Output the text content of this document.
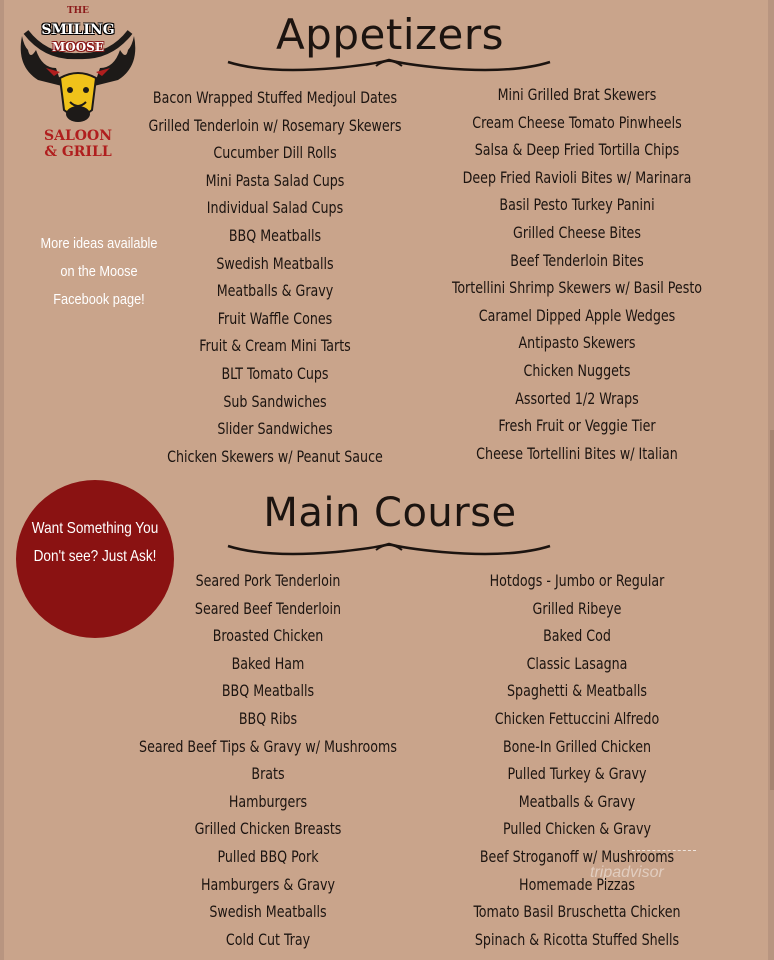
THE
SMILING
MOOSE
SALOON
& GRILL
Appetizers
Bacon Wrapped Stuffed Medjoul Dates
Grilled Tenderloin w/ Rosemary Skewers
Cucumber Dill Rolls
Mini Pasta Salad Cups
Individual Salad Cups
BBQ Meatballs
Swedish Meatballs
Meatballs & Gravy
Fruit Waffle Cones
Fruit & Cream Mini Tarts
BLT Tomato Cups
Sub Sandwiches
Slider Sandwiches
Chicken Skewers w/ Peanut Sauce
Mini Grilled Brat Skewers
Cream Cheese Tomato Pinwheels
Salsa & Deep Fried Tortilla Chips
Deep Fried Ravioli Bites w/ Marinara
Basil Pesto Turkey Panini
Grilled Cheese Bites
Beef Tenderloin Bites
Tortellini Shrimp Skewers w/ Basil Pesto
Caramel Dipped Apple Wedges
Antipasto Skewers
Chicken Nuggets
Assorted 1/2 Wraps
Fresh Fruit or Veggie Tier
Cheese Tortellini Bites w/ Italian
More ideas available on the Moose Facebook page!
Main Course
Want Something You Don't see? Just Ask!
Seared Pork Tenderloin
Seared Beef Tenderloin
Broasted Chicken
Baked Ham
BBQ Meatballs
BBQ Ribs
Seared Beef Tips & Gravy w/ Mushrooms
Brats
Hamburgers
Grilled Chicken Breasts
Pulled BBQ Pork
Hamburgers & Gravy
Swedish Meatballs
Cold Cut Tray
Hotdogs - Jumbo or Regular
Grilled Ribeye
Baked Cod
Classic Lasagna
Spaghetti & Meatballs
Chicken Fettuccini Alfredo
Bone-In Grilled Chicken
Pulled Turkey & Gravy
Meatballs & Gravy
Pulled Chicken & Gravy
Beef Stroganoff w/ Mushrooms
Homemade Pizzas
Tomato Basil Bruschetta Chicken
Spinach & Ricotta Stuffed Shells
tripadvisor
